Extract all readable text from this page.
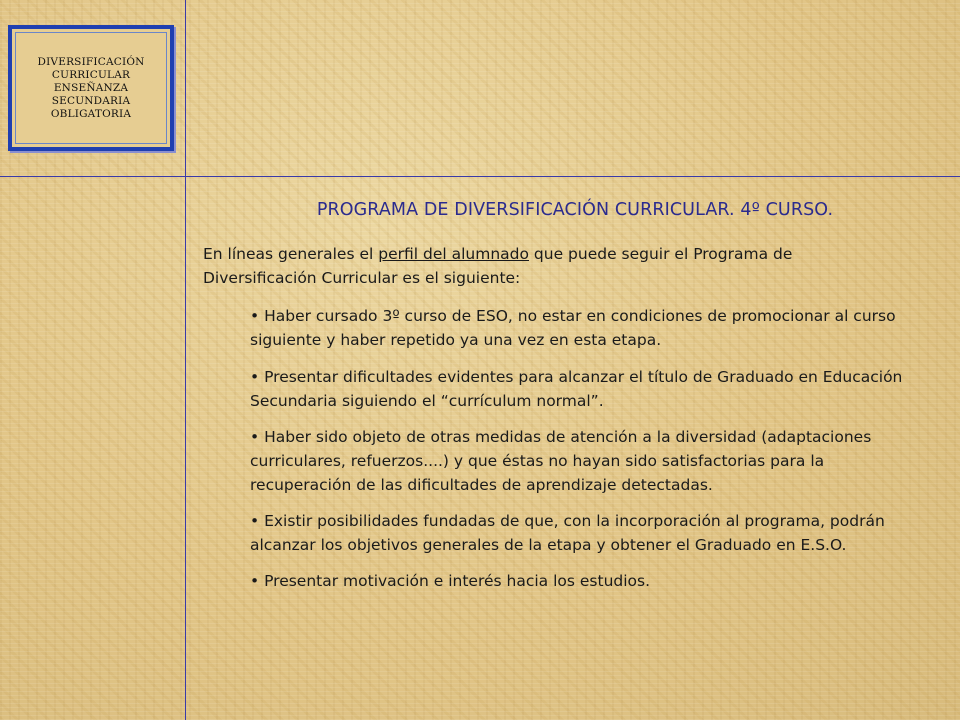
DIVERSIFICACIÓN
CURRICULAR
ENSEÑANZA
SECUNDARIA
OBLIGATORIA
PROGRAMA DE DIVERSIFICACIÓN CURRICULAR. 4º CURSO.

En líneas generales el perfil del alumnado que puede seguir el Programa de Diversificación Curricular es el siguiente:

• Haber cursado 3º curso de ESO, no estar en condiciones de promocionar al curso siguiente y haber repetido ya una vez en esta etapa.
• Presentar dificultades evidentes para alcanzar el título de Graduado en Educación Secundaria siguiendo el “currículum normal”.
• Haber sido objeto de otras medidas de atención a la diversidad (adaptaciones curriculares, refuerzos....) y que éstas no hayan sido satisfactorias para la recuperación de las dificultades de aprendizaje detectadas.
• Existir posibilidades fundadas de que, con la incorporación al programa, podrán alcanzar los objetivos generales de la etapa y obtener el Graduado en E.S.O.
• Presentar motivación e interés hacia los estudios.
